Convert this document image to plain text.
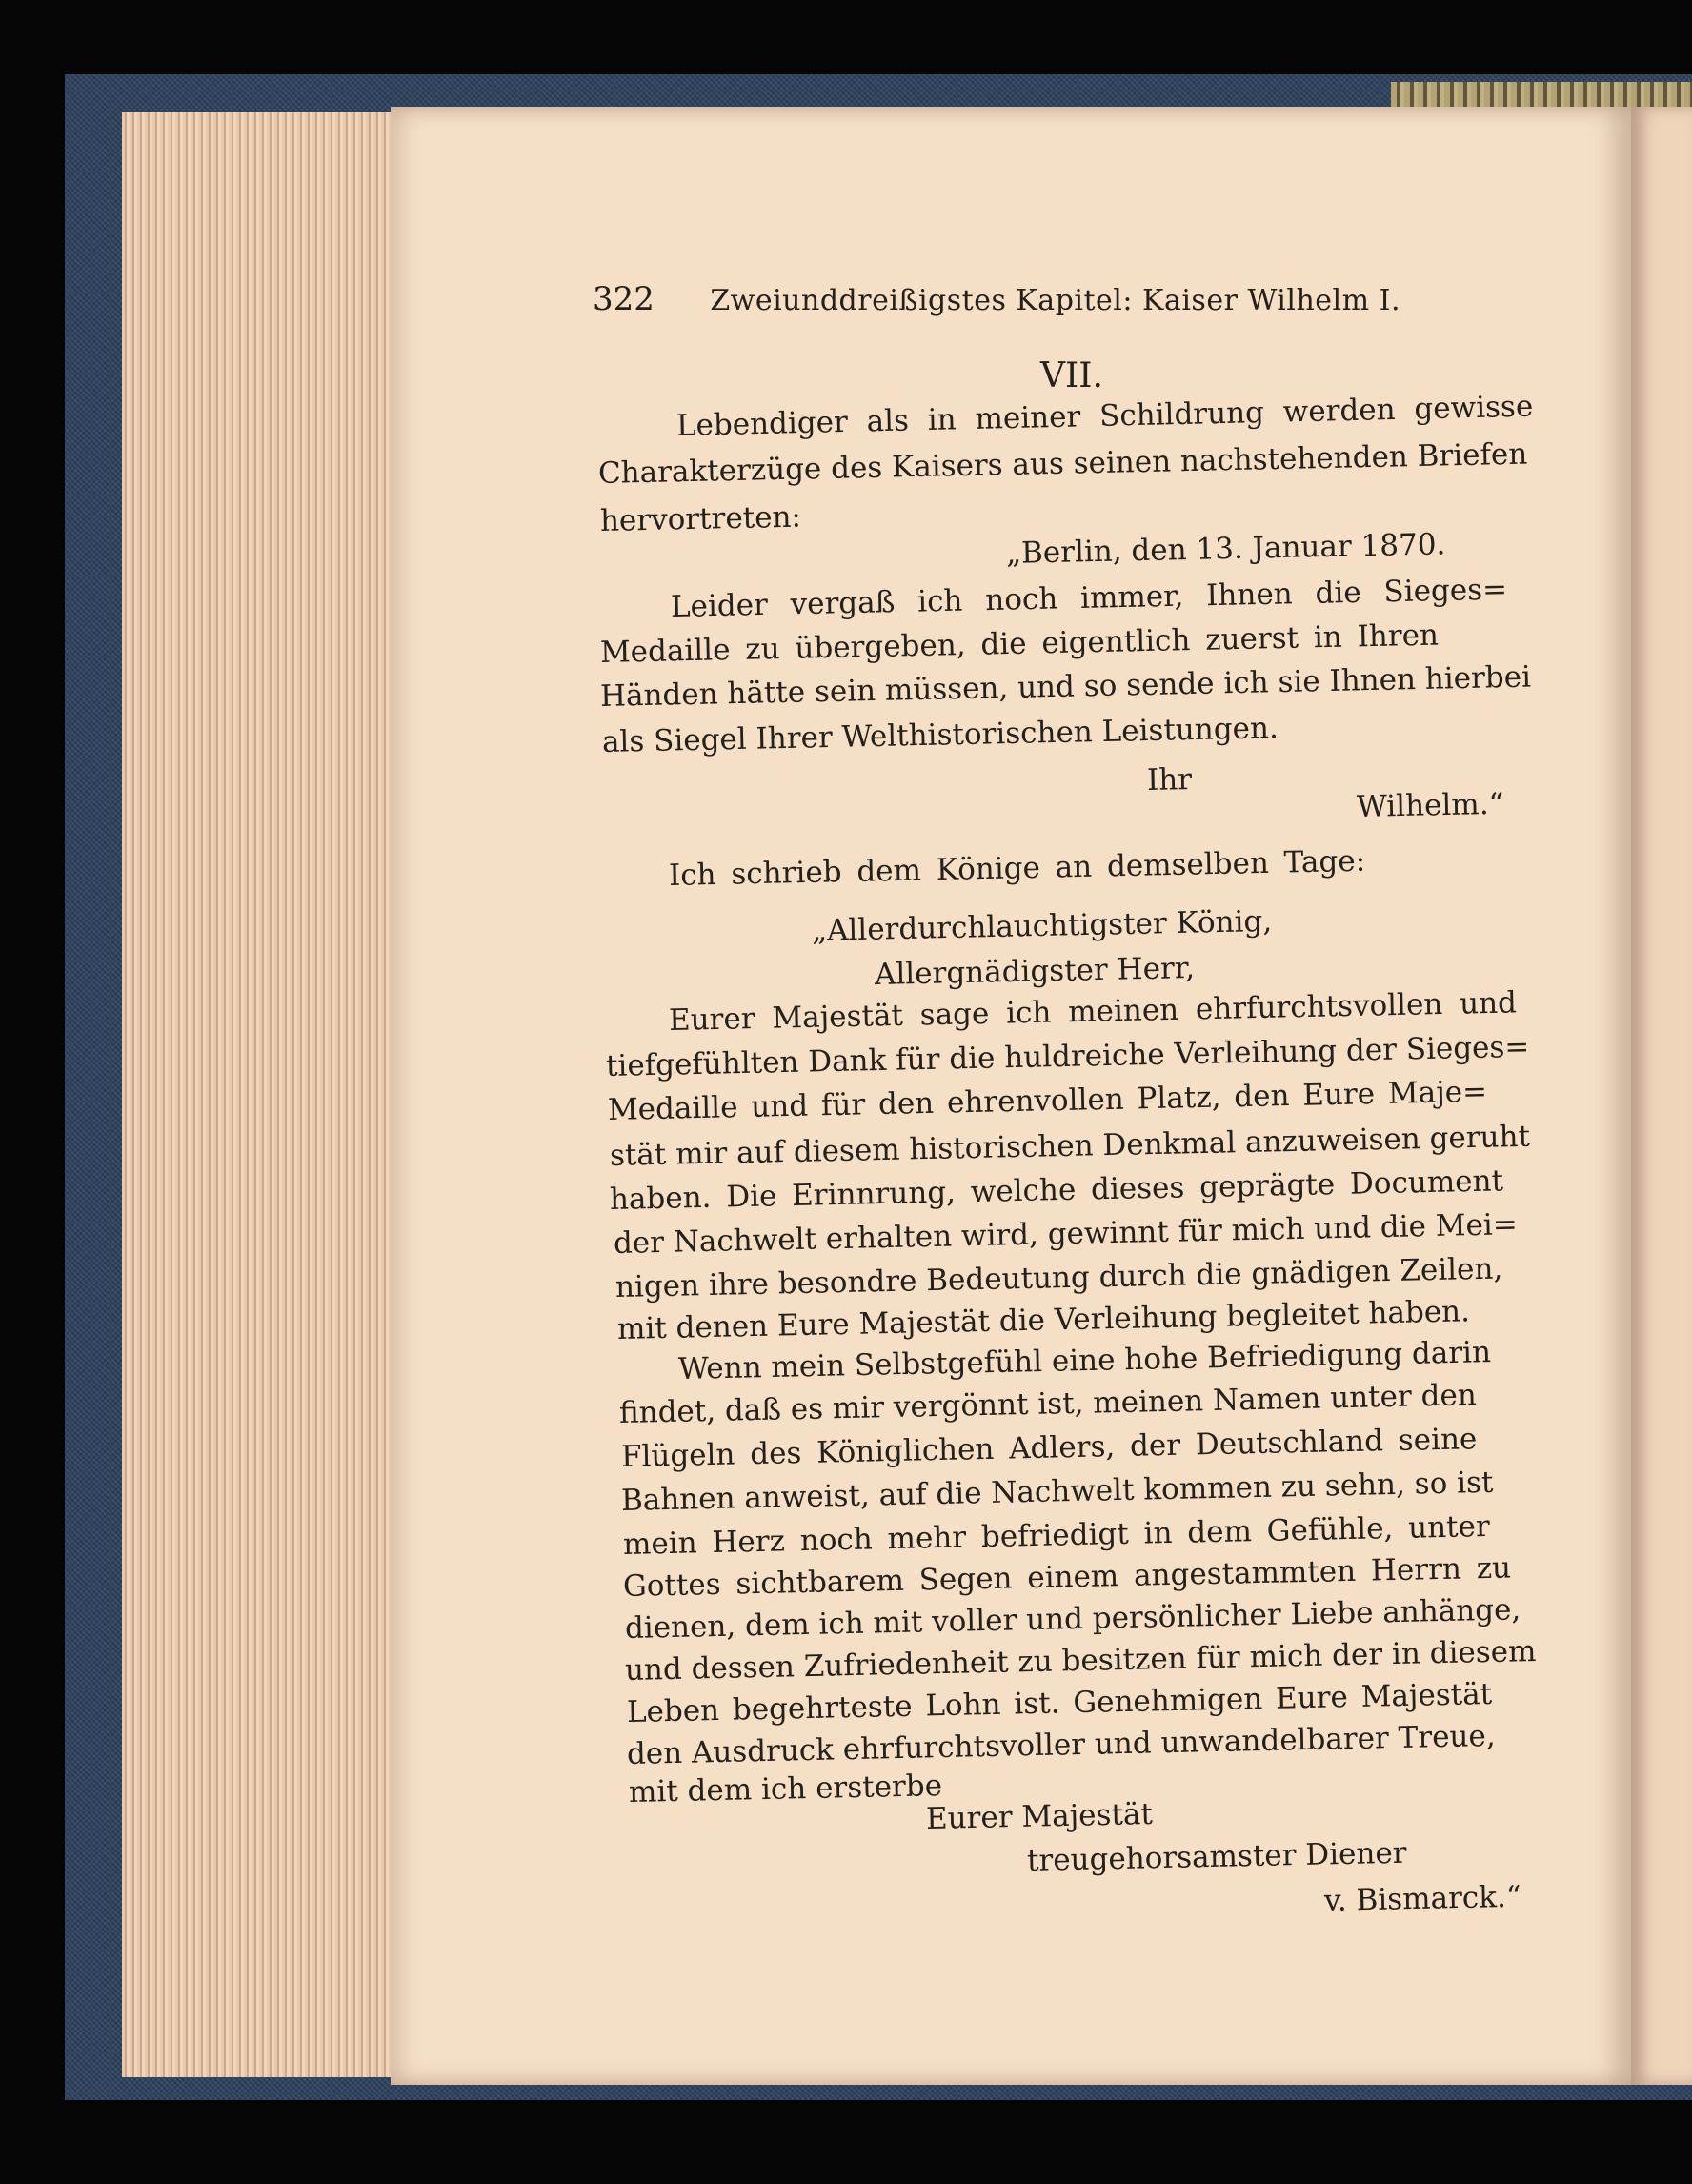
322 Zweiunddreißigstes Kapitel: Kaiser Wilhelm I.
VII.
Lebendiger als in meiner Schildrung werden gewisse
Charakterzüge des Kaisers aus seinen nachstehenden Briefen
hervortreten:
„Berlin, den 13. Januar 1870.
Leider vergaß ich noch immer, Ihnen die Sieges=
Medaille zu übergeben, die eigentlich zuerst in Ihren
Händen hätte sein müssen, und so sende ich sie Ihnen hierbei
als Siegel Ihrer Welthistorischen Leistungen.
Ihr
Wilhelm.“
Ich schrieb dem Könige an demselben Tage:
„Allerdurchlauchtigster König,
Allergnädigster Herr,
Eurer Majestät sage ich meinen ehrfurchtsvollen und
tiefgefühlten Dank für die huldreiche Verleihung der Sieges=
Medaille und für den ehrenvollen Platz, den Eure Maje=
stät mir auf diesem historischen Denkmal anzuweisen geruht
haben. Die Erinnrung, welche dieses geprägte Document
der Nachwelt erhalten wird, gewinnt für mich und die Mei=
nigen ihre besondre Bedeutung durch die gnädigen Zeilen,
mit denen Eure Majestät die Verleihung begleitet haben.
Wenn mein Selbstgefühl eine hohe Befriedigung darin
findet, daß es mir vergönnt ist, meinen Namen unter den
Flügeln des Königlichen Adlers, der Deutschland seine
Bahnen anweist, auf die Nachwelt kommen zu sehn, so ist
mein Herz noch mehr befriedigt in dem Gefühle, unter
Gottes sichtbarem Segen einem angestammten Herrn zu
dienen, dem ich mit voller und persönlicher Liebe anhänge,
und dessen Zufriedenheit zu besitzen für mich der in diesem
Leben begehrteste Lohn ist. Genehmigen Eure Majestät
den Ausdruck ehrfurchtsvoller und unwandelbarer Treue,
mit dem ich ersterbe
Eurer Majestät
treugehorsamster Diener
v. Bismarck.“
